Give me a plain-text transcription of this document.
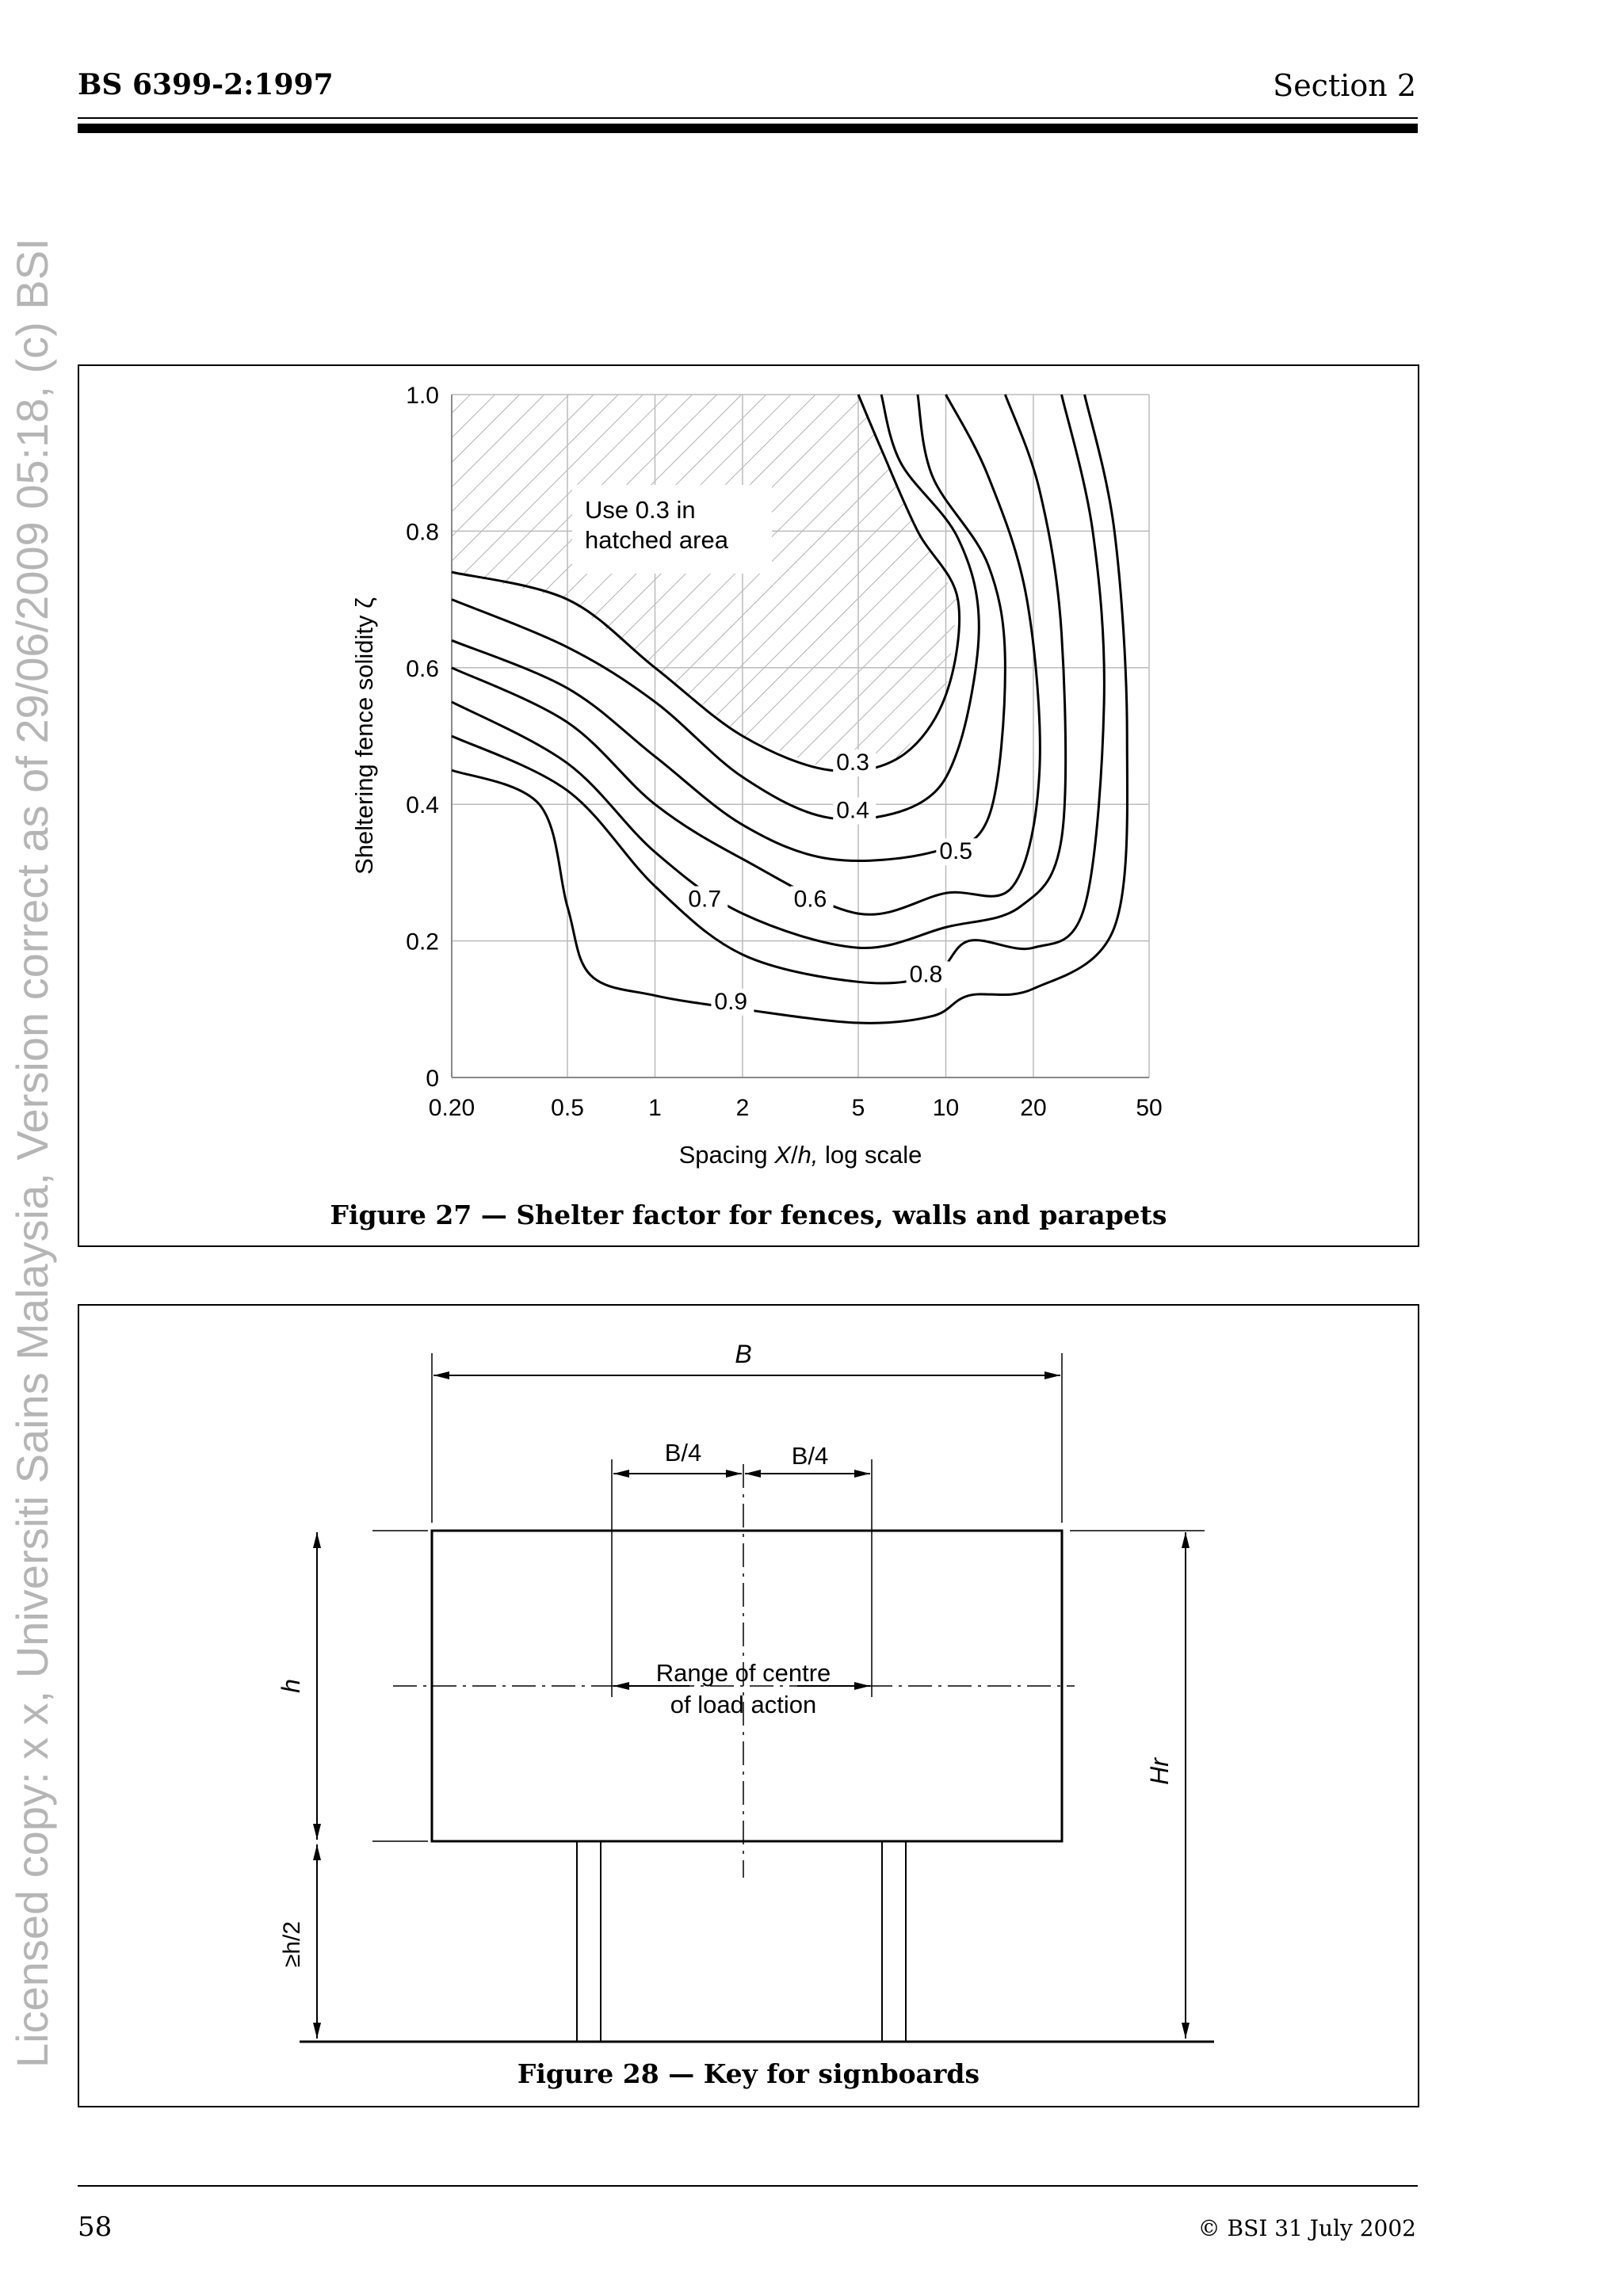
BS 6399-2:1997	Section 2
Licensed copy: x x, Universiti Sains Malaysia, Version correct as of 29/06/2009 05:18, (c) BSI	0.20	0.5	1	2	5	10	20	50
0
0.2
0.4
0.6
0.8
1.0
0.3
0.4
0.5
0.6
0.7
0.8
0.9
Use 0.3 in
hatched area
Sheltering fence solidity ζ
Spacing X/h, log scale
Figure 27 — Shelter factor for fences, walls and parapets
B
B/4	B/4
Range of centre
of load action
h
≥h/2
Hr
Figure 28 — Key for signboards
58	© BSI 31 July 2002
